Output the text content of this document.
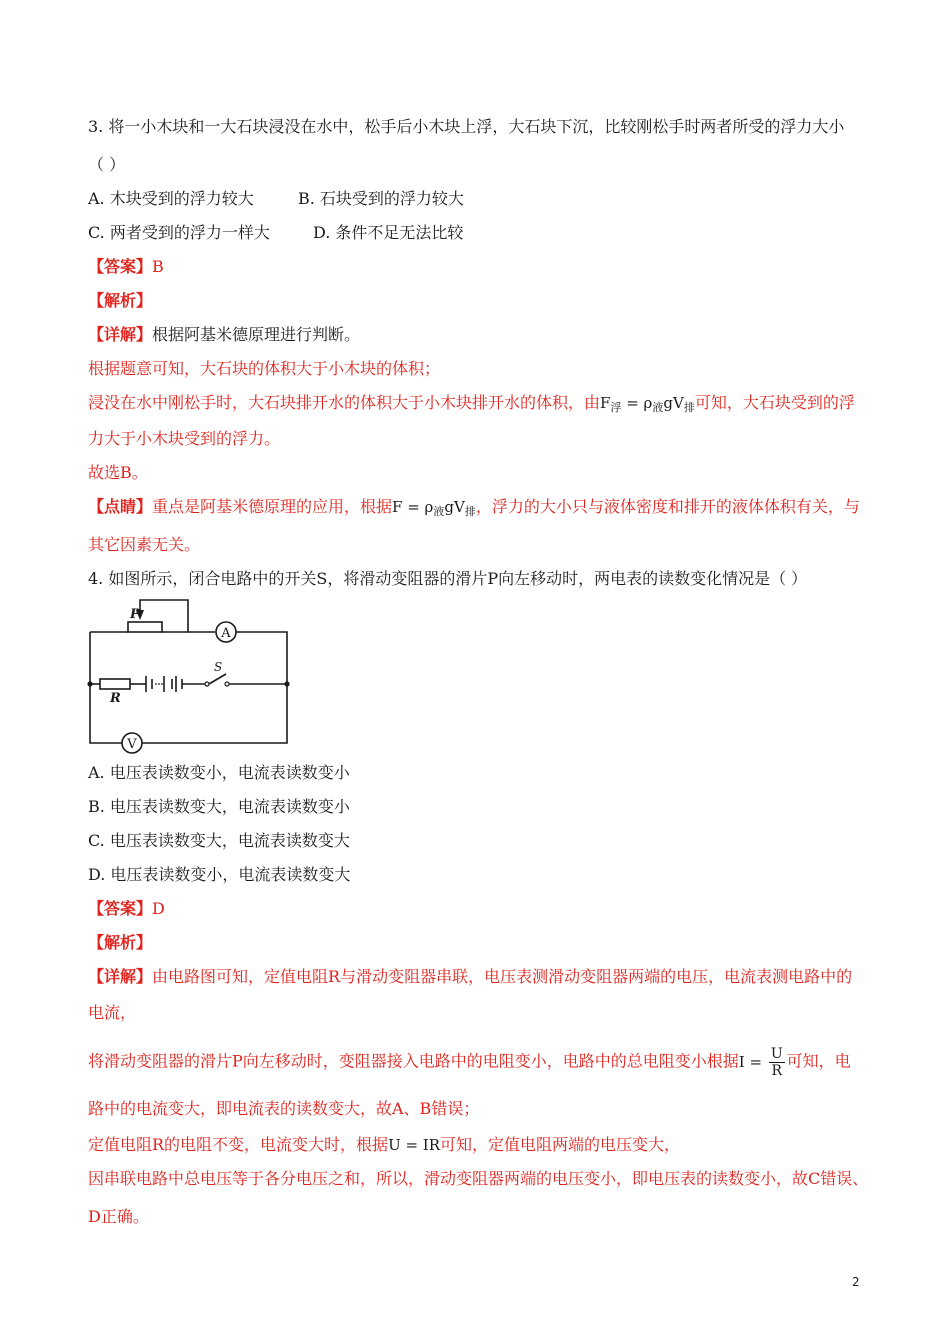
3. 将一小木块和一大石块浸没在水中，松手后小木块上浮，大石块下沉，比较刚松手时两者所受的浮力大小
（ ）
A. 木块受到的浮力较大	B. 石块受到的浮力较大
C. 两者受到的浮力一样大	D. 条件不足无法比较
【答案】B
【解析】
【详解】根据阿基米德原理进行判断。
根据题意可知，大石块的体积大于小木块的体积；
浸没在水中刚松手时，大石块排开水的体积大于小木块排开水的体积，由$F_浮 = \rho_液gV_排$可知，大石块受到的浮
力大于小木块受到的浮力。
故选B。
【点睛】重点是阿基米德原理的应用，根据$F = \rho_液gV_排$，浮力的大小只与液体密度和排开的液体体积有关，与
其它因素无关。
4. 如图所示，闭合电路中的开关S，将滑动变阻器的滑片P向左移动时，两电表的读数变化情况是（ ）
P
A
S
R
V
A. 电压表读数变小，电流表读数变小
B. 电压表读数变大，电流表读数变小
C. 电压表读数变大，电流表读数变大
D. 电压表读数变小，电流表读数变大
【答案】D
【解析】
【详解】由电路图可知，定值电阻R与滑动变阻器串联，电压表测滑动变阻器两端的电压，电流表测电路中的
电流，
将滑动变阻器的滑片P向左移动时，变阻器接入电路中的电阻变小，电路中的总电阻变小根据$I = \frac{U}{R}$ 可知，电
路中的电流变大，即电流表的读数变大，故A、B错误；
定值电阻R的电阻不变，电流变大时，根据U = IR可知，定值电阻两端的电压变大，
因串联电路中总电压等于各分电压之和，所以，滑动变阻器两端的电压变小，即电压表的读数变小，故C错误、
D正确。
2
